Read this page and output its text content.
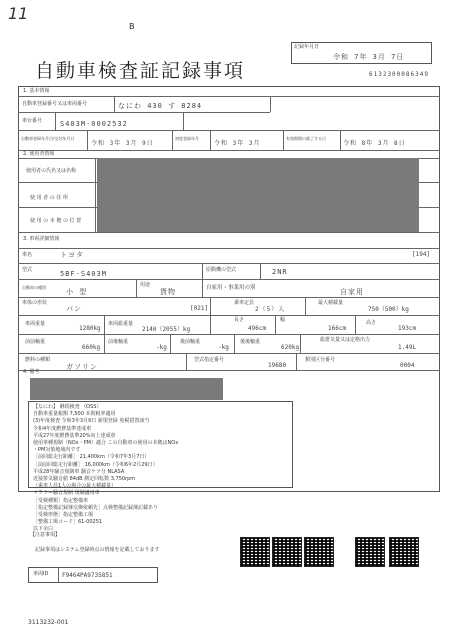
11
B
自動車検査証記録事項
記録年月日
令和 7年 3月 7日
6132300086349
1. 基本情報
自動車登録番号又は車両番号	なにわ 430 す 8284
車台番号	S403M-0002532
自動車登録年月日/交付年月日
令和 3年 3月 9日
初度登録年月
令和 3年 3月
有効期間の満了する日
令和 8年 3月 8日
2. 使用者情報
使用者の氏名又は名称
使 用 者 の 住 所
使 用 の 本 拠 の 位 置
3. 車両詳細情報
車名	トヨタ	[194]
型式	5BF-S403M	原動機の型式	2NR
自動車の種別
小 型
用途
貨物	自家用・事業用の別	自家用
車体の形状
バン	[021]
乗車定員
2（5）人
最大積載量
750（500）kg
車両重量
1280kg
車両総重量
2140（2055）kg
長さ
496cm
幅
166cm
高さ
193cm
前前軸重
660kg
前後軸重
-kg
後前軸重
-kg
後後軸重
620kg
総排気量又は定格出力
1.49L
燃料の種類
ガソリン
型式指定番号
19680
類別区分番号
0004
4. 備考
【なにわ】 継続検査 （OSS）
自動車重量税額 7,500 本則税率適用
(3)年度検査 令和3年3月9日 新規登録 免税措置該当
令和4年度燃費基準達成車
平成27年度燃費基準20%向上達成車
使用車種規制（NOx・PM）適合 この自動車の使用の本拠はNOx
・PM対策地域内です
［前回総走行距離］ 21,400km（令和7年3月7日）
［前前回総走行距離］ 16,000km（令和6年2月29日）
平成28年騒音規制車 騒音ケツ分 NLASA
近接排気騒音値 84dB 測定回転数 3,750rpm
（乗車人員1人の場合の最大積載量）
マフラー騒音規制 規制適用車
［受検種類］指定整備車
［指定整備記録簿交換依頼先］点検整備記録簿記載あり
［受検形態］指定整備工場
［整備工場コード］61-00251
以下余白
【注意事項】
記録事項はシステム登録時点の情報を記載しております
車両ID F9464PA9735851
3113232-001
